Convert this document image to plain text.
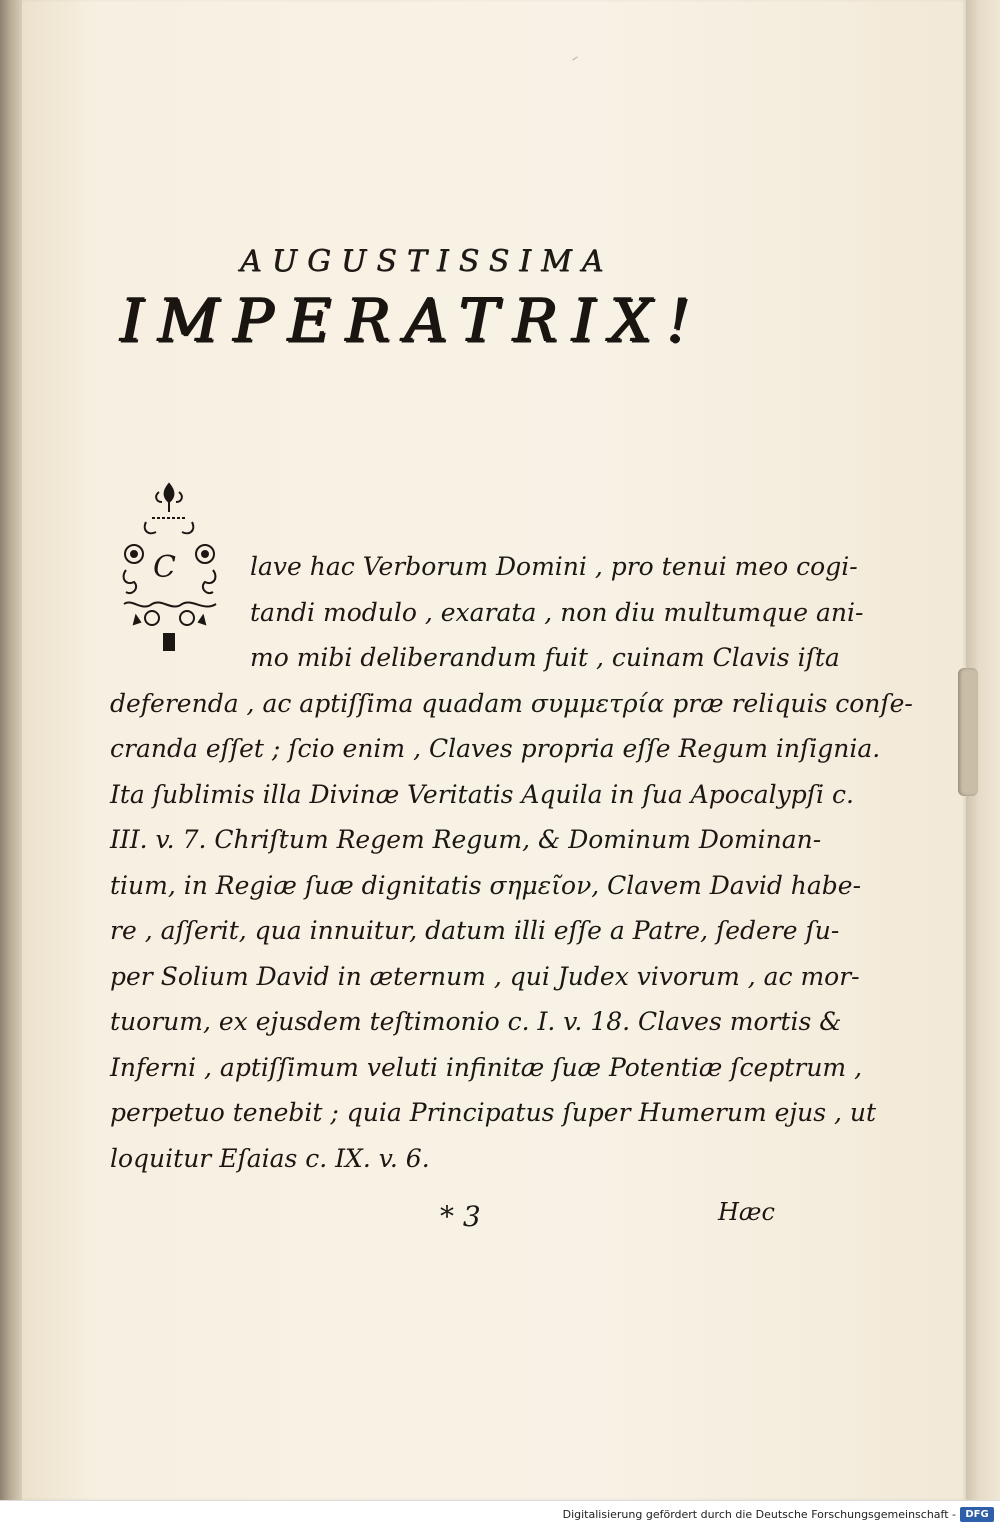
AUGUSTISSIMA
IMPERATRIX!
C	lave hac Verborum Domini , pro tenui meo cogi-
tandi modulo , exarata , non diu multumque ani-
mo mibi deliberandum fuit , cuinam Clavis iſta
deferenda , ac aptiſſima quadam συμμετρία præ reliquis conſe-
cranda eſſet ; ſcio enim , Claves propria eſſe Regum inſignia.
Ita ſublimis illa Divinæ Veritatis Aquila in ſua Apocalypſi c.
III. v. 7. Chriſtum Regem Regum, & Dominum Dominan-
tium, in Regiæ ſuæ dignitatis σημεῖον, Clavem David habe-
re , aſſerit, qua innuitur, datum illi eſſe a Patre, ſedere ſu-
per Solium David in æternum , qui Judex vivorum , ac mor-
tuorum, ex ejusdem teſtimonio c. I. v. 18. Claves mortis &
Inferni , aptiſſimum veluti infinitæ ſuæ Potentiæ ſceptrum ,
perpetuo tenebit ; quia Principatus ſuper Humerum ejus , ut
loquitur Eſaias c. IX. v. 6.
* 3	Hæc
Digitalisierung gefördert durch die Deutsche Forschungsgemeinschaft - DFG
